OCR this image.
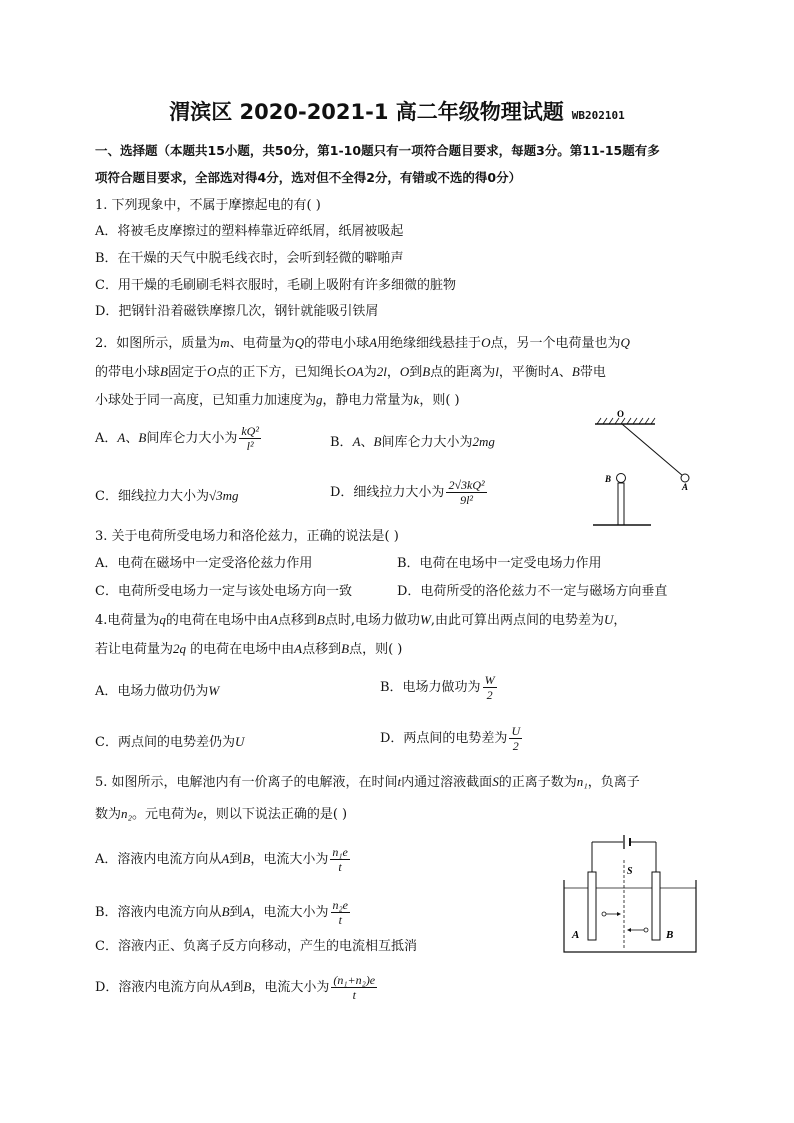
渭滨区 2020-2021-1 高二年级物理试题 WB202101
一、选择题（本题共15小题，共50分，第1-10题只有一项符合题目要求，每题3分。第11-15题有多
项符合题目要求，全部选对得4分，选对但不全得2分，有错或不选的得0分）
1. 下列现象中，不属于摩擦起电的有( )
A．将被毛皮摩擦过的塑料棒靠近碎纸屑，纸屑被吸起
B．在干燥的天气中脱毛线衣时，会听到轻微的噼啪声
C．用干燥的毛刷刷毛料衣服时，毛刷上吸附有许多细微的脏物
D．把钢针沿着磁铁摩擦几次，钢针就能吸引铁屑
2．如图所示，质量为m、电荷量为Q的带电小球A用绝缘细线悬挂于O点，另一个电荷量也为Q
的带电小球B固定于O点的正下方，已知绳长OA为2l，O到B点的距离为l，平衡时A、B带电
小球处于同一高度，已知重力加速度为g，静电力常量为k，则( )
A．A、B间库仑力大小为 $\frac{\text{kQ²}}{\text{l²}}$	B．A、B间库仑力大小为2mg
C．细线拉力大小为√3mg	D．细线拉力大小为 $\frac{\text{2√3kQ²}}{\text{9l²}}$
O
A
B
3. 关于电荷所受电场力和洛伦兹力，正确的说法是( )
A．电荷在磁场中一定受洛伦兹力作用	B．电荷在电场中一定受电场力作用
C．电荷所受电场力一定与该处电场方向一致	D．电荷所受的洛伦兹力不一定与磁场方向垂直
4.电荷量为q的电荷在电场中由A点移到B点时,电场力做功W,由此可算出两点间的电势差为U，
若让电荷量为2q 的电荷在电场中由A点移到B点，则( )
A．电场力做功仍为W	B．电场力做功为 $\frac{W}{2}$
C．两点间的电势差仍为U	D．两点间的电势差为 $\frac{U}{2}$
5. 如图所示，电解池内有一价离子的电解液，在时间t内通过溶液截面S的正离子数为n₁，负离子
数为n₂。元电荷为e，则以下说法正确的是( )
A．溶液内电流方向从A到B，电流大小为 $\frac{\text{n₁e}}{t}$
B．溶液内电流方向从B到A，电流大小为 $\frac{\text{n₂e}}{t}$
C．溶液内正、负离子反方向移动，产生的电流相互抵消
D．溶液内电流方向从A到B，电流大小为 $\frac{\text{(n₁+n₂)e}}{t}$
S
A	B
